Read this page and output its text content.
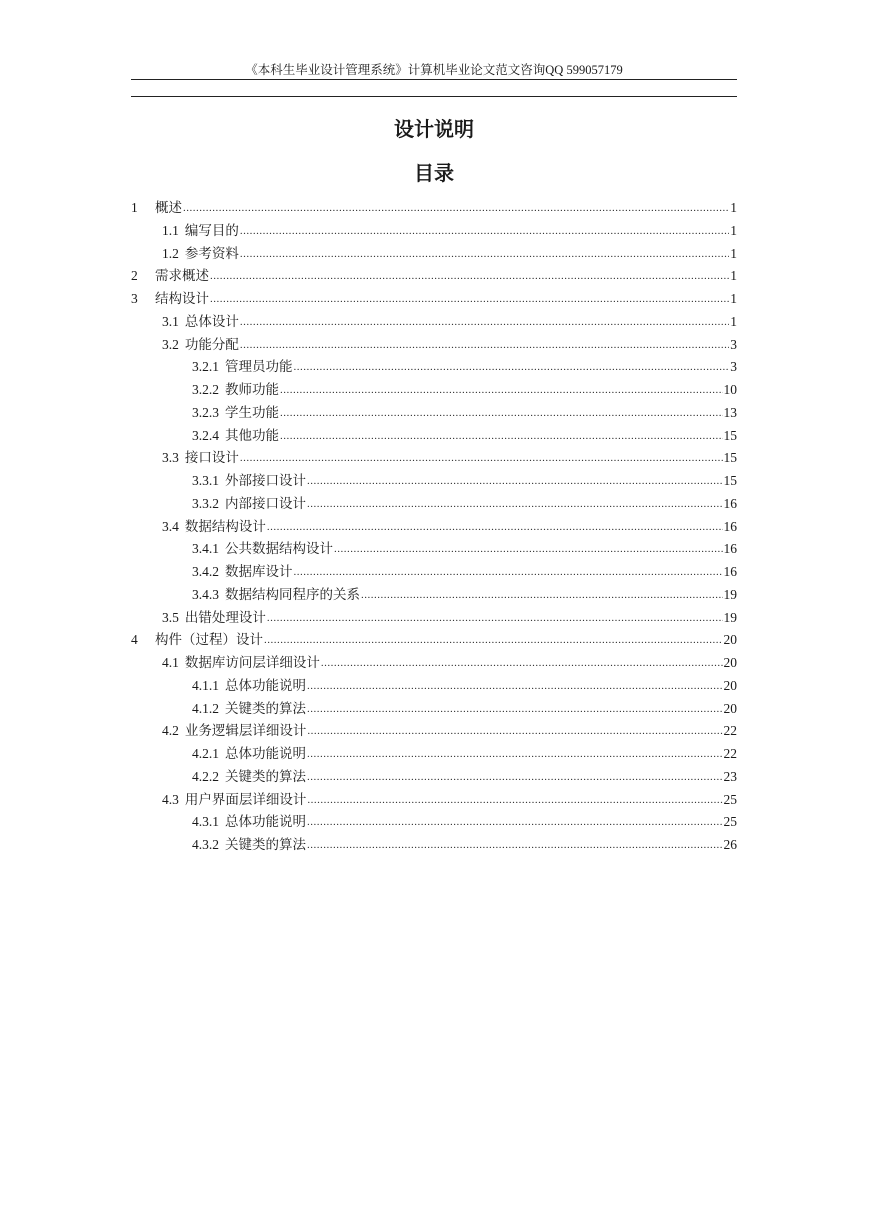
《本科生毕业设计管理系统》计算机毕业论文范文咨询QQ 599057179
设计说明
目录
1	概述 .....	1
1.1 编写目的 .....	1
1.2 参考资料 .....	1
2	需求概述 .....	1
3	结构设计 .....	1
3.1 总体设计 .....	1
3.2 功能分配 .....	3
3.2.1 管理员功能 .....	3
3.2.2 教师功能 .....	10
3.2.3 学生功能 .....	13
3.2.4 其他功能 .....	15
3.3 接口设计 .....	15
3.3.1 外部接口设计 .....	15
3.3.2 内部接口设计 .....	16
3.4 数据结构设计 .....	16
3.4.1 公共数据结构设计 .....	16
3.4.2 数据库设计 .....	16
3.4.3 数据结构同程序的关系 .....	19
3.5 出错处理设计 .....	19
4	构件（过程）设计 .....	20
4.1 数据库访问层详细设计 .....	20
4.1.1 总体功能说明 .....	20
4.1.2 关键类的算法 .....	20
4.2 业务逻辑层详细设计 .....	22
4.2.1 总体功能说明 .....	22
4.2.2 关键类的算法 .....	23
4.3 用户界面层详细设计 .....	25
4.3.1 总体功能说明 .....	25
4.3.2 关键类的算法 .....	26
